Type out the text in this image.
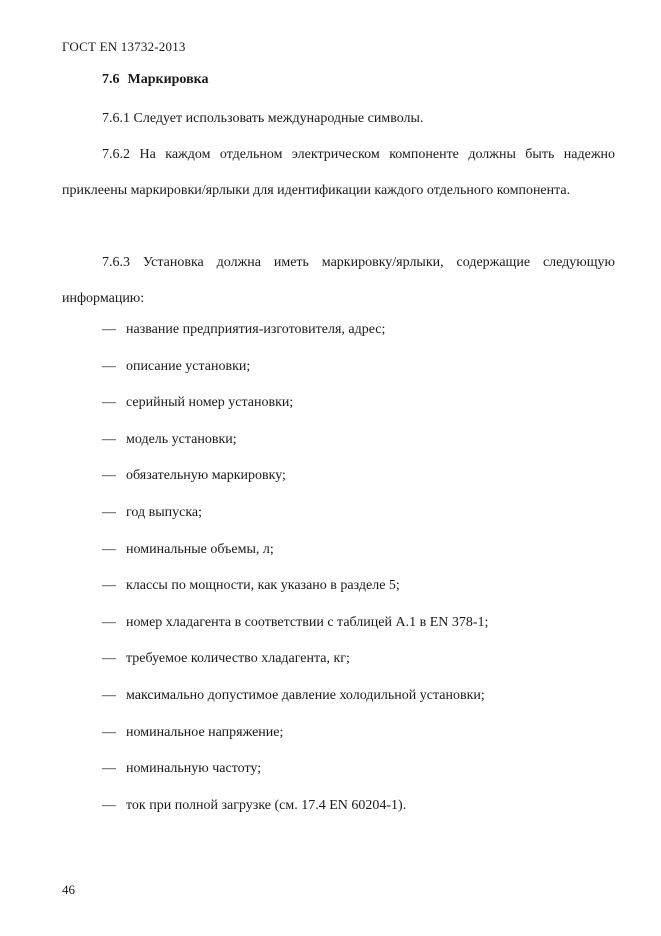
ГОСТ EN 13732-2013
7.6 Маркировка
7.6.1 Следует использовать международные символы.
7.6.2 На каждом отдельном электрическом компоненте должны быть надежно приклеены маркировки/ярлыки для идентификации каждого отдельного компонента.
7.6.3 Установка должна иметь маркировку/ярлыки, содержащие следующую информацию:
— название предприятия-изготовителя, адрес;
— описание установки;
— серийный номер установки;
— модель установки;
— обязательную маркировку;
— год выпуска;
— номинальные объемы, л;
— классы по мощности, как указано в разделе 5;
— номер хладагента в соответствии с таблицей А.1 в EN 378-1;
— требуемое количество хладагента, кг;
— максимально допустимое давление холодильной установки;
— номинальное напряжение;
— номинальную частоту;
— ток при полной загрузке (см. 17.4 EN 60204-1).
46
